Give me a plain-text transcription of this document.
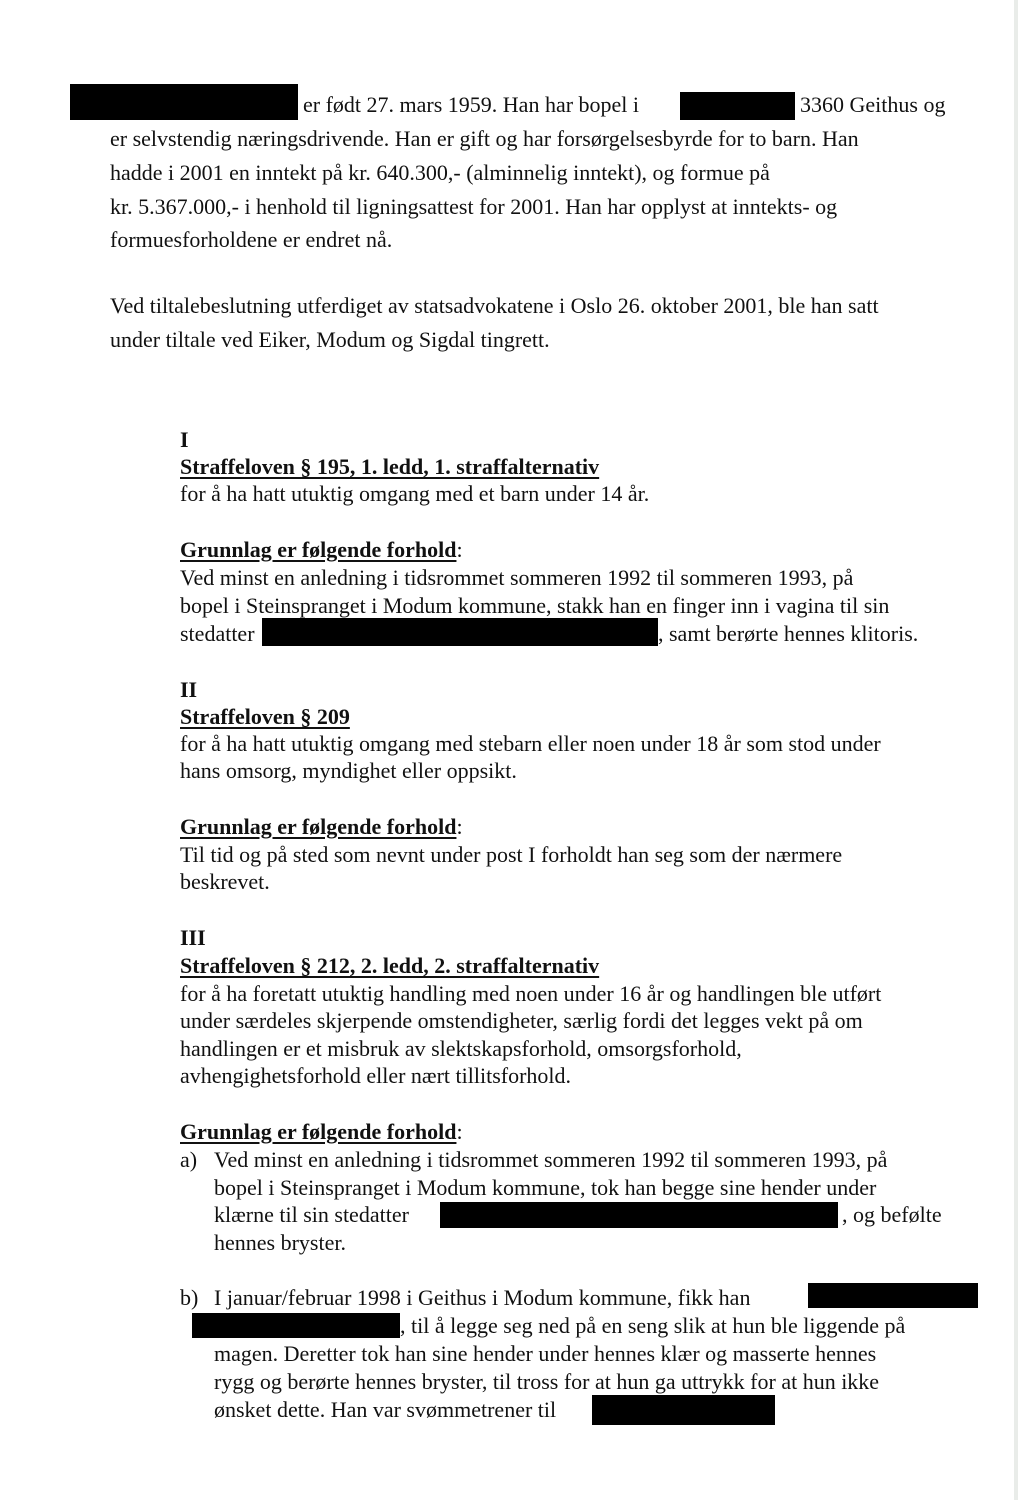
er født 27. mars 1959. Han har bopel i	3360 Geithus og
er selvstendig næringsdrivende. Han er gift og har forsørgelsesbyrde for to barn. Han
hadde i 2001 en inntekt på kr. 640.300,- (alminnelig inntekt), og formue på
kr. 5.367.000,- i henhold til ligningsattest for 2001. Han har opplyst at inntekts- og
formuesforholdene er endret nå.
Ved tiltalebeslutning utferdiget av statsadvokatene i Oslo 26. oktober 2001, ble han satt
under tiltale ved Eiker, Modum og Sigdal tingrett.
I
Straffeloven § 195, 1. ledd, 1. straffalternativ
for å ha hatt utuktig omgang med et barn under 14 år.
Grunnlag er følgende forhold:
Ved minst en anledning i tidsrommet sommeren 1992 til sommeren 1993, på
bopel i Steinspranget i Modum kommune, stakk han en finger inn i vagina til sin
stedatter	, samt berørte hennes klitoris.
II
Straffeloven § 209
for å ha hatt utuktig omgang med stebarn eller noen under 18 år som stod under
hans omsorg, myndighet eller oppsikt.
Grunnlag er følgende forhold:
Til tid og på sted som nevnt under post I forholdt han seg som der nærmere
beskrevet.
III
Straffeloven § 212, 2. ledd, 2. straffalternativ
for å ha foretatt utuktig handling med noen under 16 år og handlingen ble utført
under særdeles skjerpende omstendigheter, særlig fordi det legges vekt på om
handlingen er et misbruk av slektskapsforhold, omsorgsforhold,
avhengighetsforhold eller nært tillitsforhold.
Grunnlag er følgende forhold:
a) Ved minst en anledning i tidsrommet sommeren 1992 til sommeren 1993, på
bopel i Steinspranget i Modum kommune, tok han begge sine hender under
klærne til sin stedatter	, og befølte
hennes bryster.
b) I januar/februar 1998 i Geithus i Modum kommune, fikk han
, til å legge seg ned på en seng slik at hun ble liggende på
magen. Deretter tok han sine hender under hennes klær og masserte hennes
rygg og berørte hennes bryster, til tross for at hun ga uttrykk for at hun ikke
ønsket dette. Han var svømmetrener til
